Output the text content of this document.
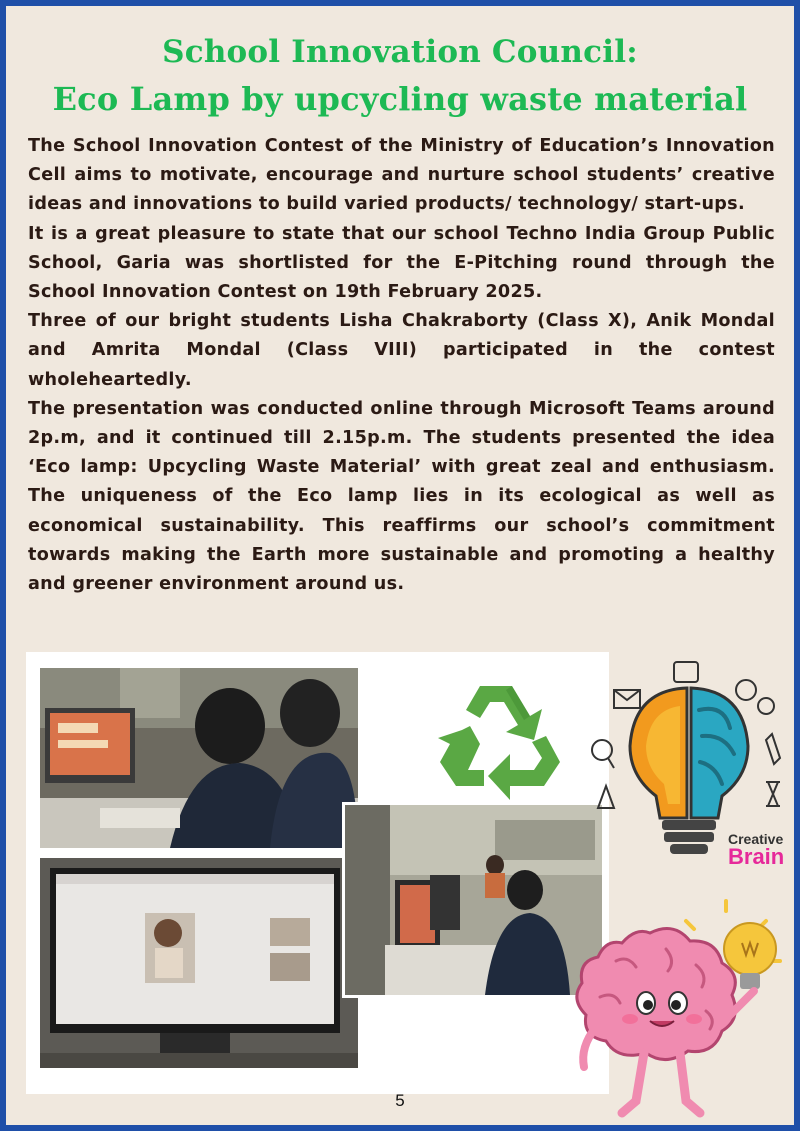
School Innovation Council:
Eco Lamp by upcycling waste material

The School Innovation Contest of the Ministry of Education’s Innovation Cell aims to motivate, encourage and nurture school students’ creative ideas and innovations to build varied products/ technology/ start-ups.

It is a great pleasure to state that our school Techno India Group Public School, Garia was shortlisted for the E-Pitching round through the School Innovation Contest on 19th February 2025.

Three of our bright students Lisha Chakraborty (Class X), Anik Mondal and Amrita Mondal (Class VIII) participated in the contest wholeheartedly.

The presentation was conducted online through Microsoft Teams around 2p.m, and it continued till 2.15p.m. The students presented the idea ‘Eco lamp: Upcycling Waste Material’ with great zeal and enthusiasm. The uniqueness of the Eco lamp lies in its ecological as well as economical sustainability. This reaffirms our school’s commitment towards making the Earth more sustainable and promoting a healthy and greener environment around us.

Creative
Brain
5
